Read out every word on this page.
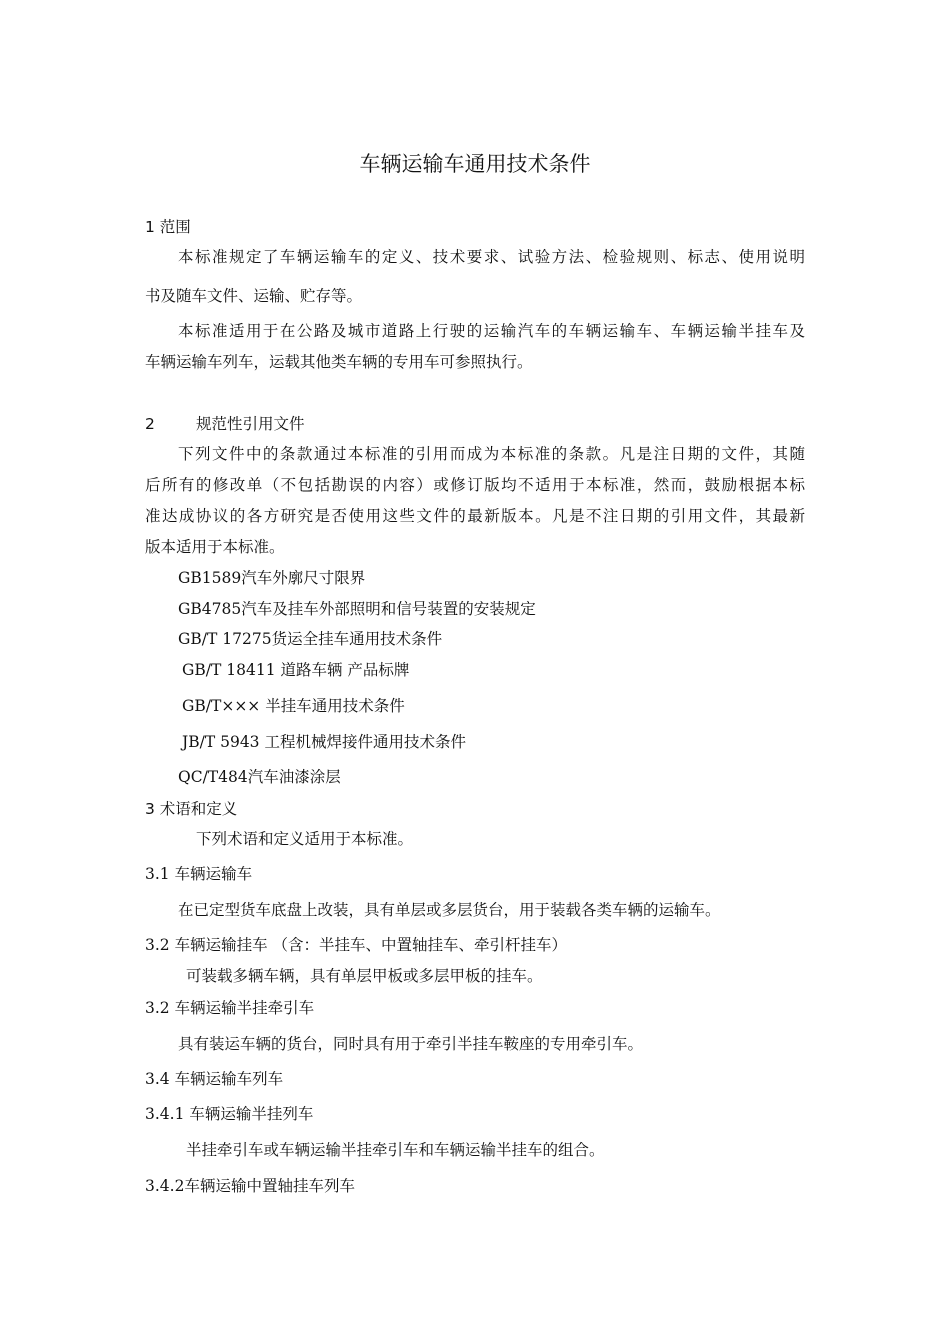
车辆运输车通用技术条件
1 范围
本标准规定了车辆运输车的定义、技术要求、试验方法、检验规则、标志、使用说明
书及随车文件、运输、贮存等。
本标准适用于在公路及城市道路上行驶的运输汽车的车辆运输车、车辆运输半挂车及
车辆运输车列车，运载其他类车辆的专用车可参照执行。
2	规范性引用文件
下列文件中的条款通过本标准的引用而成为本标准的条款。凡是注日期的文件，其随
后所有的修改单（不包括勘误的内容）或修订版均不适用于本标准，然而，鼓励根据本标
准达成协议的各方研究是否使用这些文件的最新版本。凡是不注日期的引用文件，其最新
版本适用于本标准。
GB1589汽车外廓尺寸限界
GB4785汽车及挂车外部照明和信号装置的安装规定
GB/T 17275货运全挂车通用技术条件
GB/T 18411 道路车辆 产品标牌
GB/T××× 半挂车通用技术条件
JB/T 5943 工程机械焊接件通用技术条件
QC/T484汽车油漆涂层
3 术语和定义
下列术语和定义适用于本标准。
3.1 车辆运输车
在已定型货车底盘上改装，具有单层或多层货台，用于装载各类车辆的运输车。
3.2 车辆运输挂车 （含：半挂车、中置轴挂车、牵引杆挂车）
可装载多辆车辆，具有单层甲板或多层甲板的挂车。
3.2 车辆运输半挂牵引车
具有装运车辆的货台，同时具有用于牵引半挂车鞍座的专用牵引车。
3.4 车辆运输车列车
3.4.1 车辆运输半挂列车
半挂牵引车或车辆运输半挂牵引车和车辆运输半挂车的组合。
3.4.2车辆运输中置轴挂车列车
